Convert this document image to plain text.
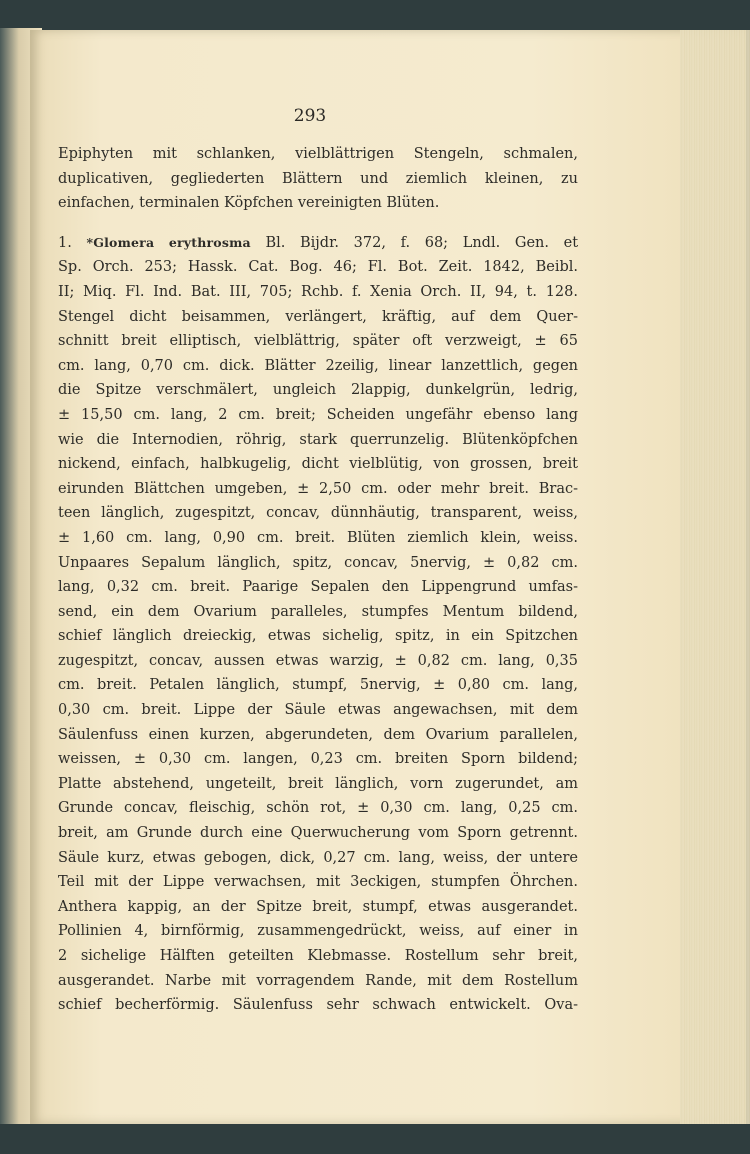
293

Epiphyten mit schlanken, vielblättrigen Stengeln, schmalen,
duplicativen, gegliederten Blättern und ziemlich kleinen, zu
einfachen, terminalen Köpfchen vereinigten Blüten.
1. *Glomera erythrosma Bl. Bijdr. 372, f. 68; Lndl. Gen. et
Sp. Orch. 253; Hassk. Cat. Bog. 46; Fl. Bot. Zeit. 1842, Beibl.
II; Miq. Fl. Ind. Bat. III, 705; Rchb. f. Xenia Orch. II, 94, t. 128.
Stengel dicht beisammen, verlängert, kräftig, auf dem Quer-
schnitt breit elliptisch, vielblättrig, später oft verzweigt, ± 65
cm. lang, 0,70 cm. dick. Blätter 2zeilig, linear lanzettlich, gegen
die Spitze verschmälert, ungleich 2lappig, dunkelgrün, ledrig,
± 15,50 cm. lang, 2 cm. breit; Scheiden ungefähr ebenso lang
wie die Internodien, röhrig, stark querrunzelig. Blütenköpfchen
nickend, einfach, halbkugelig, dicht vielblütig, von grossen, breit
eirunden Blättchen umgeben, ± 2,50 cm. oder mehr breit. Brac-
teen länglich, zugespitzt, concav, dünnhäutig, transparent, weiss,
± 1,60 cm. lang, 0,90 cm. breit. Blüten ziemlich klein, weiss.
Unpaares Sepalum länglich, spitz, concav, 5nervig, ± 0,82 cm.
lang, 0,32 cm. breit. Paarige Sepalen den Lippengrund umfas-
send, ein dem Ovarium paralleles, stumpfes Mentum bildend,
schief länglich dreieckig, etwas sichelig, spitz, in ein Spitzchen
zugespitzt, concav, aussen etwas warzig, ± 0,82 cm. lang, 0,35
cm. breit. Petalen länglich, stumpf, 5nervig, ± 0,80 cm. lang,
0,30 cm. breit. Lippe der Säule etwas angewachsen, mit dem
Säulenfuss einen kurzen, abgerundeten, dem Ovarium parallelen,
weissen, ± 0,30 cm. langen, 0,23 cm. breiten Sporn bildend;
Platte abstehend, ungeteilt, breit länglich, vorn zugerundet, am
Grunde concav, fleischig, schön rot, ± 0,30 cm. lang, 0,25 cm.
breit, am Grunde durch eine Querwucherung vom Sporn getrennt.
Säule kurz, etwas gebogen, dick, 0,27 cm. lang, weiss, der untere
Teil mit der Lippe verwachsen, mit 3eckigen, stumpfen Öhrchen.
Anthera kappig, an der Spitze breit, stumpf, etwas ausgerandet.
Pollinien 4, birnförmig, zusammengedrückt, weiss, auf einer in
2 sichelige Hälften geteilten Klebmasse. Rostellum sehr breit,
ausgerandet. Narbe mit vorragendem Rande, mit dem Rostellum
schief becherförmig. Säulenfuss sehr schwach entwickelt. Ova-
